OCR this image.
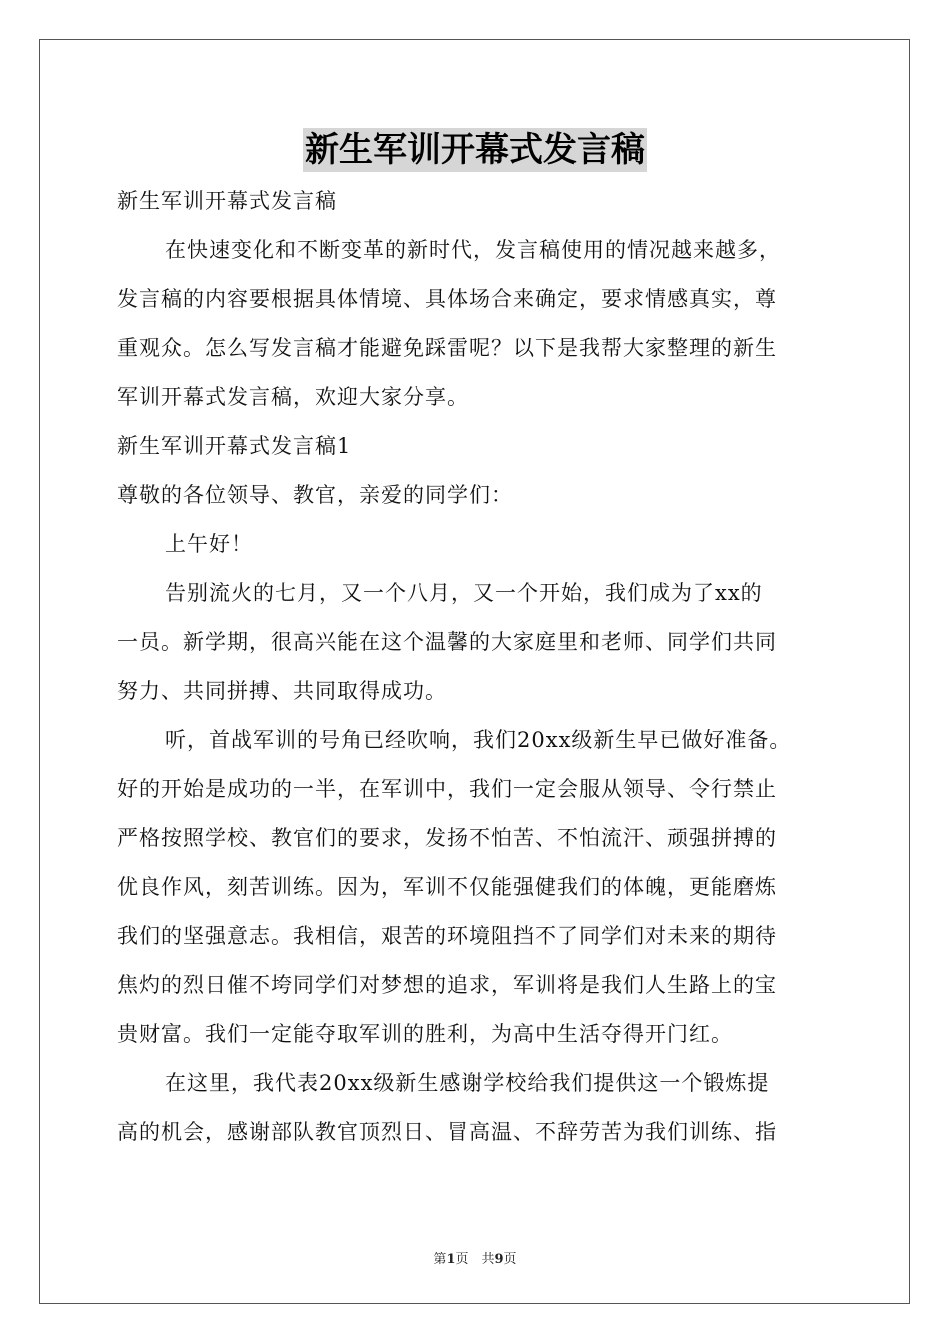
新生军训开幕式发言稿
新生军训开幕式发言稿
在快速变化和不断变革的新时代，发言稿使用的情况越来越多，
发言稿的内容要根据具体情境、具体场合来确定，要求情感真实，尊
重观众。怎么写发言稿才能避免踩雷呢？以下是我帮大家整理的新生
军训开幕式发言稿，欢迎大家分享。
新生军训开幕式发言稿1
尊敬的各位领导、教官，亲爱的同学们：
上午好！
告别流火的七月，又一个八月，又一个开始，我们成为了xx的
一员。新学期，很高兴能在这个温馨的大家庭里和老师、同学们共同
努力、共同拼搏、共同取得成功。
听，首战军训的号角已经吹响，我们20xx级新生早已做好准备。
好的开始是成功的一半，在军训中，我们一定会服从领导、令行禁止
严格按照学校、教官们的要求，发扬不怕苦、不怕流汗、顽强拼搏的
优良作风，刻苦训练。因为，军训不仅能强健我们的体魄，更能磨炼
我们的坚强意志。我相信，艰苦的环境阻挡不了同学们对未来的期待
焦灼的烈日催不垮同学们对梦想的追求，军训将是我们人生路上的宝
贵财富。我们一定能夺取军训的胜利，为高中生活夺得开门红。
在这里，我代表20xx级新生感谢学校给我们提供这一个锻炼提
高的机会，感谢部队教官顶烈日、冒高温、不辞劳苦为我们训练、指
第1页　共9页
